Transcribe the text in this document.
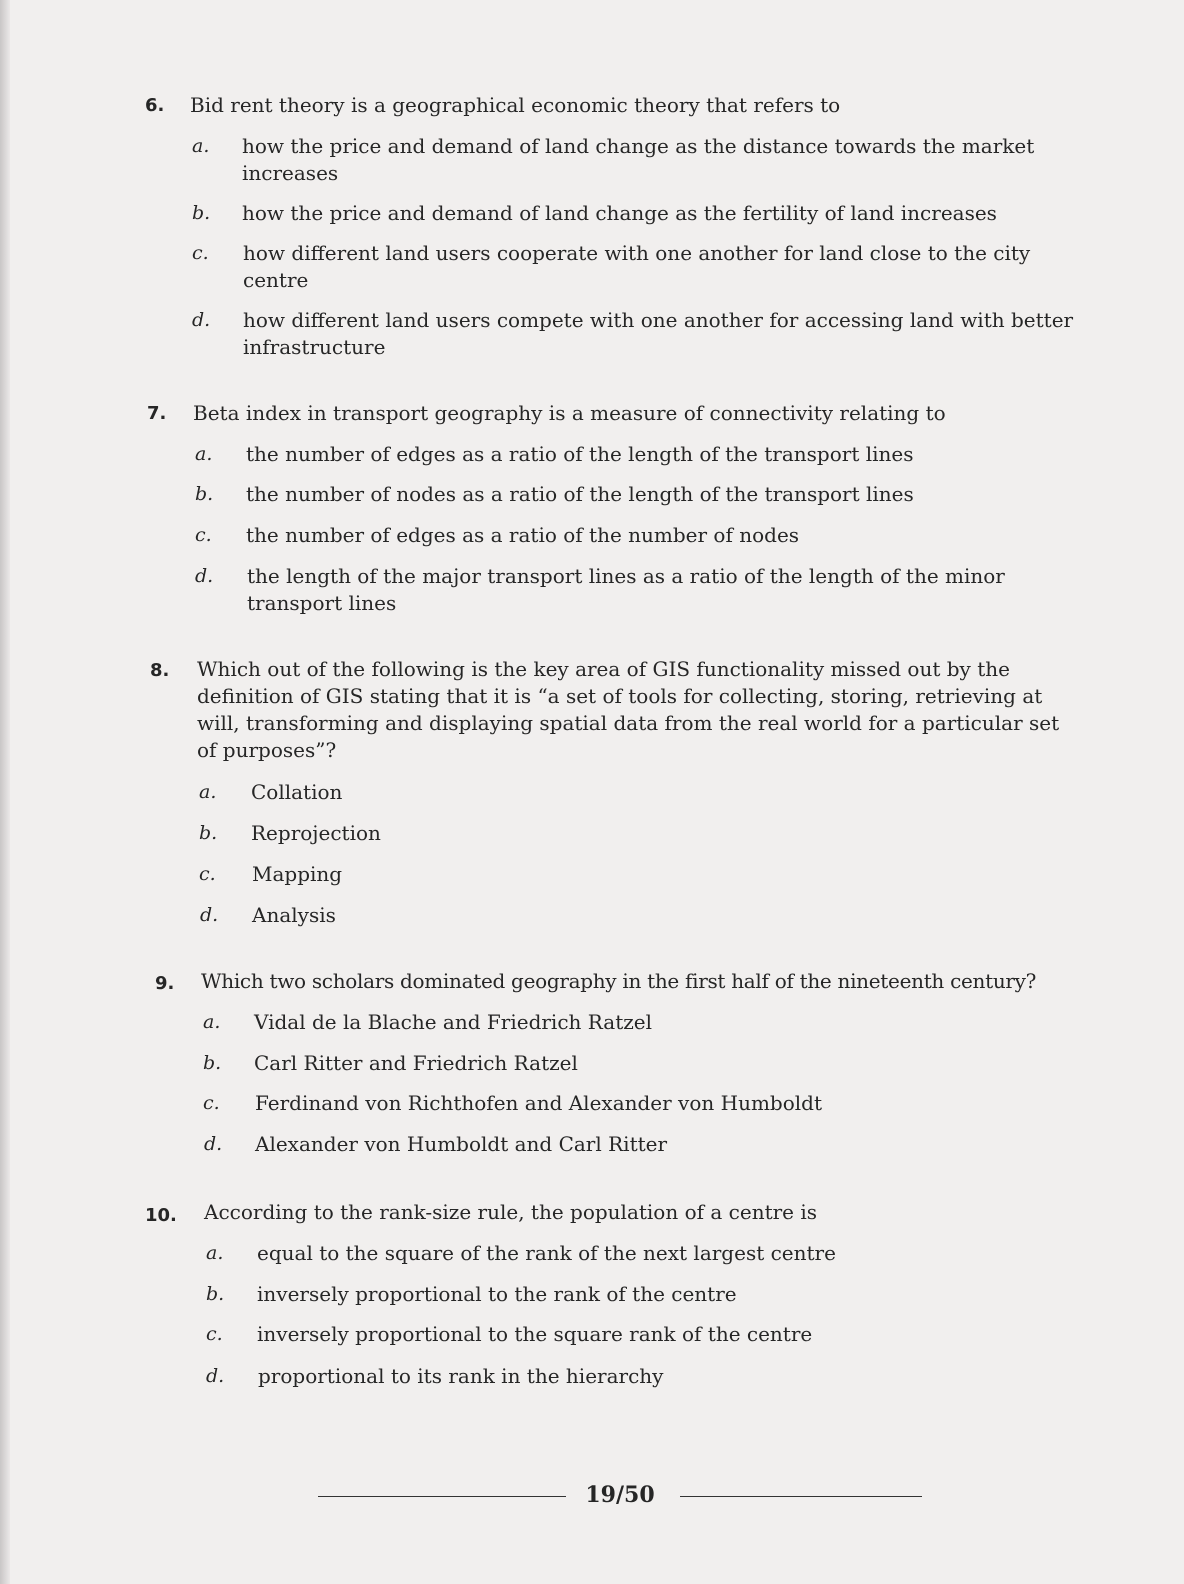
6. Bid rent theory is a geographical economic theory that refers to
a. how the price and demand of land change as the distance towards the market increases
b. how the price and demand of land change as the fertility of land increases
c. how different land users cooperate with one another for land close to the city centre
d. how different land users compete with one another for accessing land with better infrastructure
7. Beta index in transport geography is a measure of connectivity relating to
a. the number of edges as a ratio of the length of the transport lines
b. the number of nodes as a ratio of the length of the transport lines
c. the number of edges as a ratio of the number of nodes
d. the length of the major transport lines as a ratio of the length of the minor transport lines
8. Which out of the following is the key area of GIS functionality missed out by the definition of GIS stating that it is “a set of tools for collecting, storing, retrieving at will, transforming and displaying spatial data from the real world for a particular set of purposes”?
a. Collation
b. Reprojection
c. Mapping
d. Analysis
9. Which two scholars dominated geography in the first half of the nineteenth century?
a. Vidal de la Blache and Friedrich Ratzel
b. Carl Ritter and Friedrich Ratzel
c. Ferdinand von Richthofen and Alexander von Humboldt
d. Alexander von Humboldt and Carl Ritter
10. According to the rank-size rule, the population of a centre is
a. equal to the square of the rank of the next largest centre
b. inversely proportional to the rank of the centre
c. inversely proportional to the square rank of the centre
d. proportional to its rank in the hierarchy
19/50
